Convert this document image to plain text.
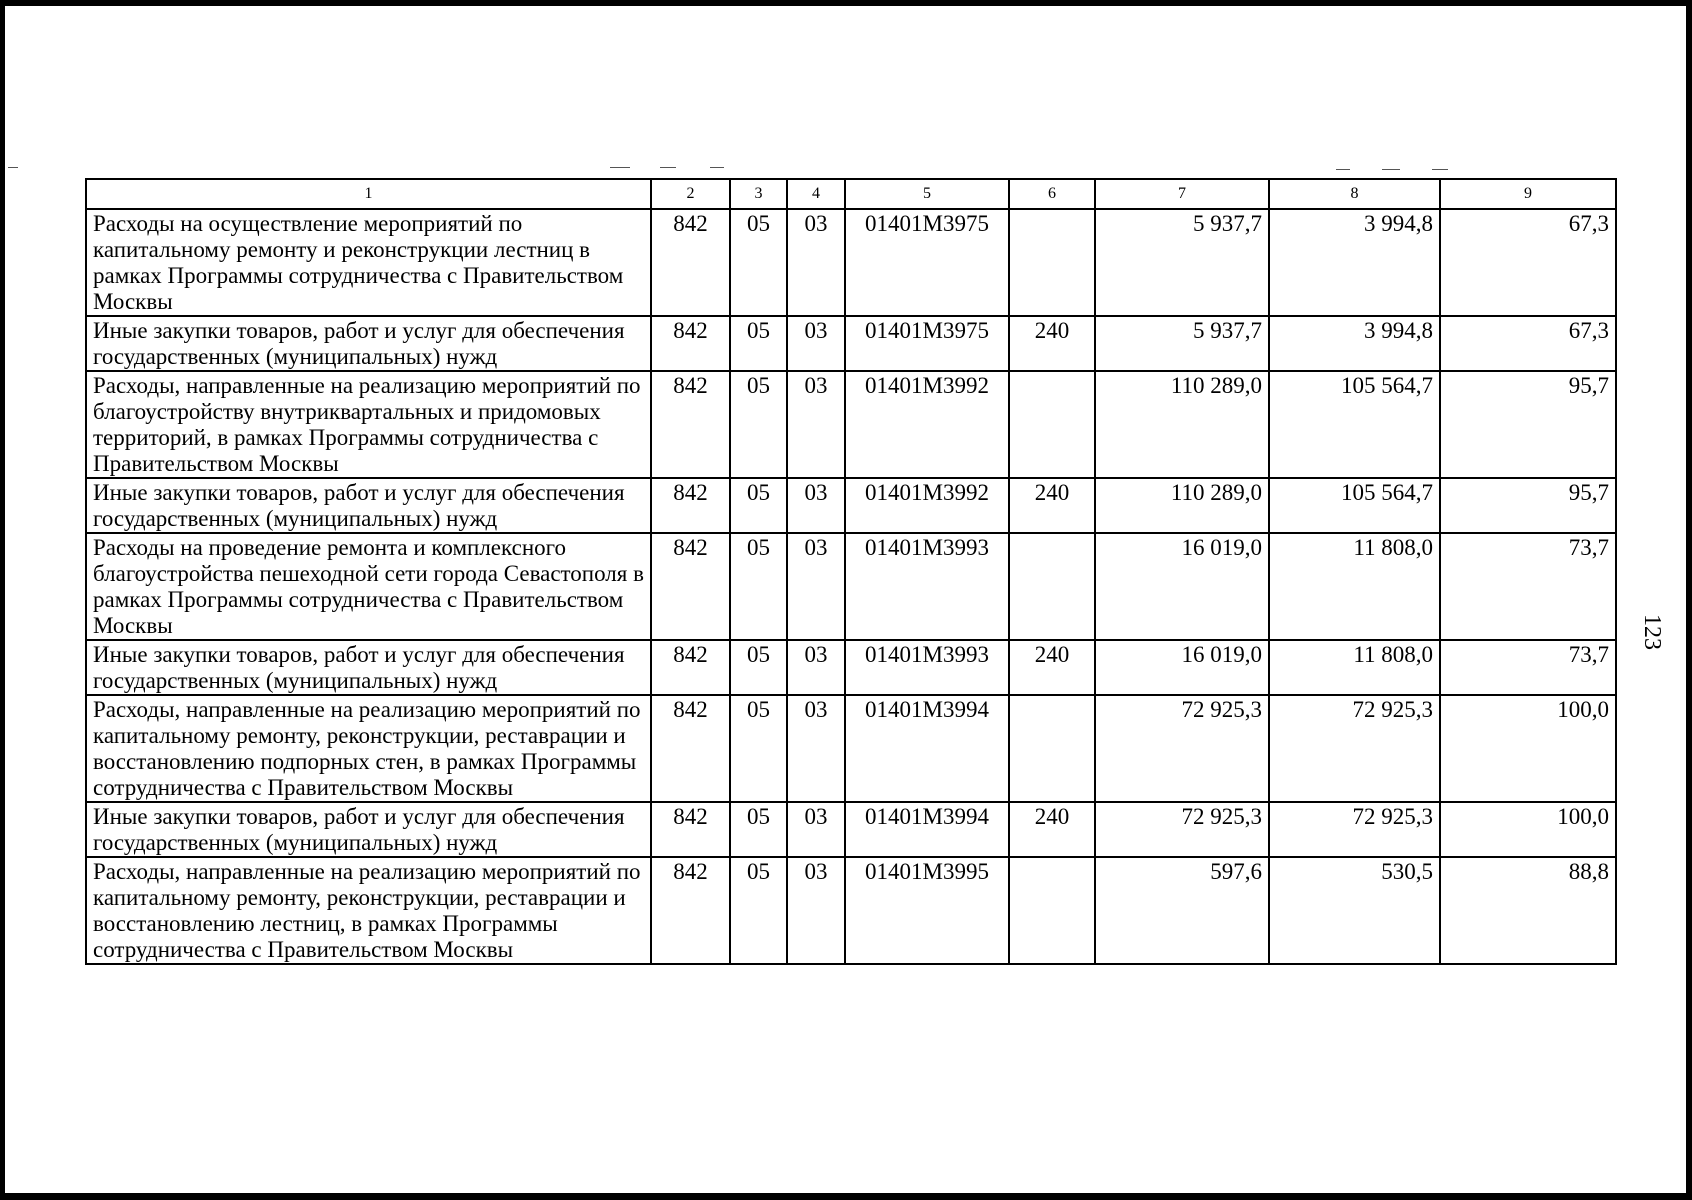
123
1	2	3	4	5	6	7	8	9
Расходы на осуществление мероприятий по капитальному ремонту и реконструкции лестниц в рамках Программы сотрудничества с Правительством Москвы	842	05	03	01401М3975		5 937,7	3 994,8	67,3
Иные закупки товаров, работ и услуг для обеспечения государственных (муниципальных) нужд	842	05	03	01401М3975	240	5 937,7	3 994,8	67,3
Расходы, направленные на реализацию мероприятий по благоустройству внутриквартальных и придомовых территорий, в рамках Программы сотрудничества с Правительством Москвы	842	05	03	01401М3992		110 289,0	105 564,7	95,7
Иные закупки товаров, работ и услуг для обеспечения государственных (муниципальных) нужд	842	05	03	01401М3992	240	110 289,0	105 564,7	95,7
Расходы на проведение ремонта и комплексного благоустройства пешеходной сети города Севастополя в рамках Программы сотрудничества с Правительством Москвы	842	05	03	01401М3993		16 019,0	11 808,0	73,7
Иные закупки товаров, работ и услуг для обеспечения государственных (муниципальных) нужд	842	05	03	01401М3993	240	16 019,0	11 808,0	73,7
Расходы, направленные на реализацию мероприятий по капитальному ремонту, реконструкции, реставрации и восстановлению подпорных стен, в рамках Программы сотрудничества с Правительством Москвы	842	05	03	01401М3994		72 925,3	72 925,3	100,0
Иные закупки товаров, работ и услуг для обеспечения государственных (муниципальных) нужд	842	05	03	01401М3994	240	72 925,3	72 925,3	100,0
Расходы, направленные на реализацию мероприятий по капитальному ремонту, реконструкции, реставрации и восстановлению лестниц, в рамках Программы сотрудничества с Правительством Москвы	842	05	03	01401М3995		597,6	530,5	88,8
